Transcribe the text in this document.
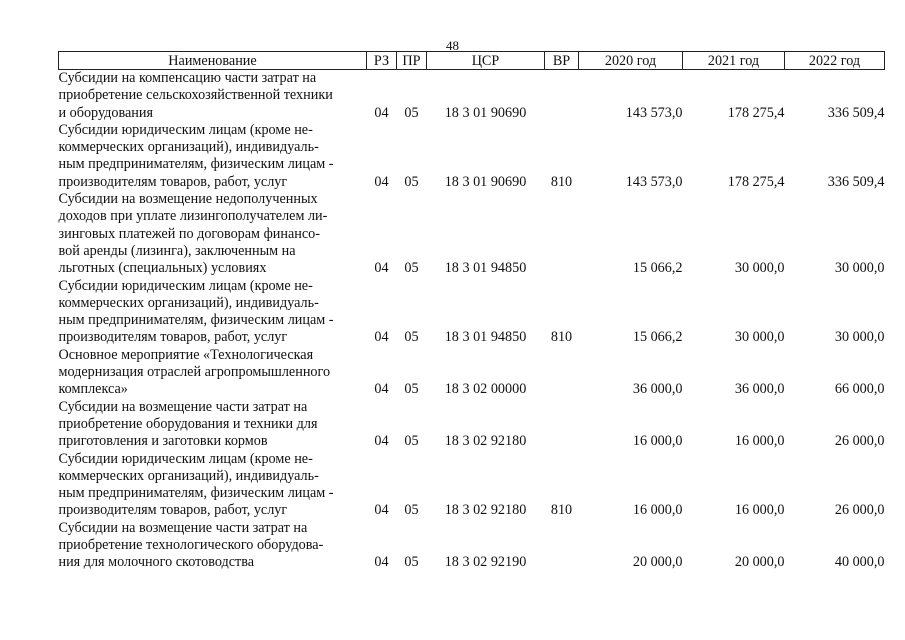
48
Наименование	РЗ	ПР	ЦСР	ВР	2020 год	2021 год	2022 год

Субсидии на компенсацию части затрат на
приобретение сельскохозяйственной техники
и оборудования	04	05	18 3 01 90690		143 573,0	178 275,4	336 509,4

Субсидии юридическим лицам (кроме не-
коммерческих организаций), индивидуаль-
ным предпринимателям, физическим лицам -
производителям товаров, работ, услуг	04	05	18 3 01 90690	810	143 573,0	178 275,4	336 509,4

Субсидии на возмещение недополученных
доходов при уплате лизингополучателем ли-
зинговых платежей по договорам финансо-
вой аренды (лизинга), заключенным на
льготных (специальных) условиях	04	05	18 3 01 94850		15 066,2	30 000,0	30 000,0

Субсидии юридическим лицам (кроме не-
коммерческих организаций), индивидуаль-
ным предпринимателям, физическим лицам -
производителям товаров, работ, услуг	04	05	18 3 01 94850	810	15 066,2	30 000,0	30 000,0

Основное мероприятие «Технологическая
модернизация отраслей агропромышленного
комплекса»	04	05	18 3 02 00000		36 000,0	36 000,0	66 000,0

Субсидии на возмещение части затрат на
приобретение оборудования и техники для
приготовления и заготовки кормов	04	05	18 3 02 92180		16 000,0	16 000,0	26 000,0

Субсидии юридическим лицам (кроме не-
коммерческих организаций), индивидуаль-
ным предпринимателям, физическим лицам -
производителям товаров, работ, услуг	04	05	18 3 02 92180	810	16 000,0	16 000,0	26 000,0

Субсидии на возмещение части затрат на
приобретение технологического оборудова-
ния для молочного скотоводства	04	05	18 3 02 92190		20 000,0	20 000,0	40 000,0
